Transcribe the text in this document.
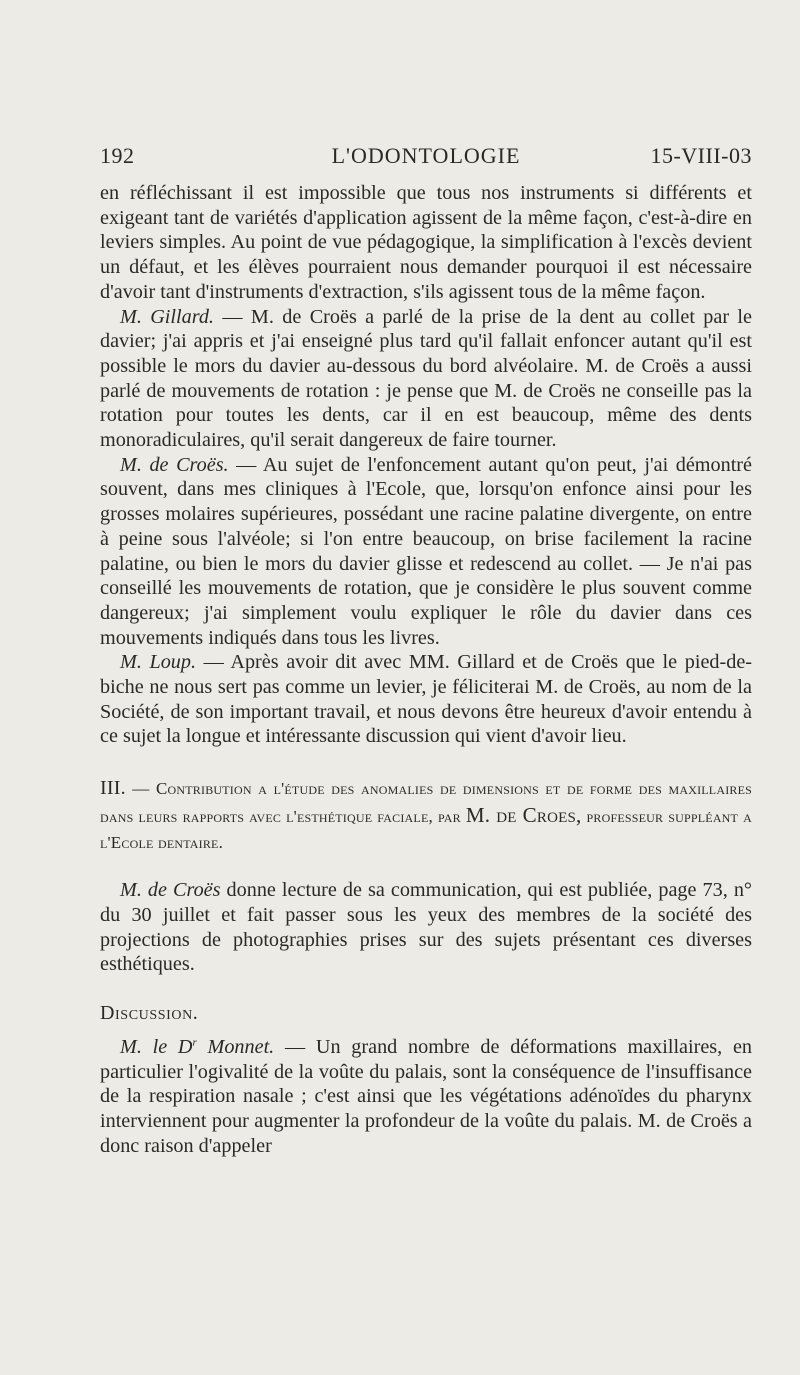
192	L'ODONTOLOGIE	15-VIII-03

en réfléchissant il est impossible que tous nos instruments si différents et exigeant tant de variétés d'application agissent de la même façon, c'est-à-dire en leviers simples. Au point de vue pédagogique, la simplification à l'excès devient un défaut, et les élèves pourraient nous demander pourquoi il est nécessaire d'avoir tant d'instruments d'extraction, s'ils agissent tous de la même façon.

M. Gillard. — M. de Croës a parlé de la prise de la dent au collet par le davier; j'ai appris et j'ai enseigné plus tard qu'il fallait enfoncer autant qu'il est possible le mors du davier au-dessous du bord alvéolaire. M. de Croës a aussi parlé de mouvements de rotation : je pense que M. de Croës ne conseille pas la rotation pour toutes les dents, car il en est beaucoup, même des dents monoradiculaires, qu'il serait dangereux de faire tourner.

M. de Croës. — Au sujet de l'enfoncement autant qu'on peut, j'ai démontré souvent, dans mes cliniques à l'Ecole, que, lorsqu'on enfonce ainsi pour les grosses molaires supérieures, possédant une racine palatine divergente, on entre à peine sous l'alvéole; si l'on entre beaucoup, on brise facilement la racine palatine, ou bien le mors du davier glisse et redescend au collet. — Je n'ai pas conseillé les mouvements de rotation, que je considère le plus souvent comme dangereux; j'ai simplement voulu expliquer le rôle du davier dans ces mouvements indiqués dans tous les livres.

M. Loup. — Après avoir dit avec MM. Gillard et de Croës que le pied-de-biche ne nous sert pas comme un levier, je féliciterai M. de Croës, au nom de la Société, de son important travail, et nous devons être heureux d'avoir entendu à ce sujet la longue et intéressante discussion qui vient d'avoir lieu.

III. — Contribution a l'étude des anomalies de dimensions et de forme des maxillaires dans leurs rapports avec l'esthétique faciale, par M. de Croes, professeur suppléant a l'Ecole dentaire.

M. de Croës donne lecture de sa communication, qui est publiée, page 73, n° du 30 juillet et fait passer sous les yeux des membres de la société des projections de photographies prises sur des sujets présentant ces diverses esthétiques.

Discussion.

M. le $D^r$ Monnet. — Un grand nombre de déformations maxillaires, en particulier l'ogivalité de la voûte du palais, sont la conséquence de l'insuffisance de la respiration nasale ; c'est ainsi que les végétations adénoïdes du pharynx interviennent pour augmenter la profondeur de la voûte du palais. M. de Croës a donc raison d'appeler
